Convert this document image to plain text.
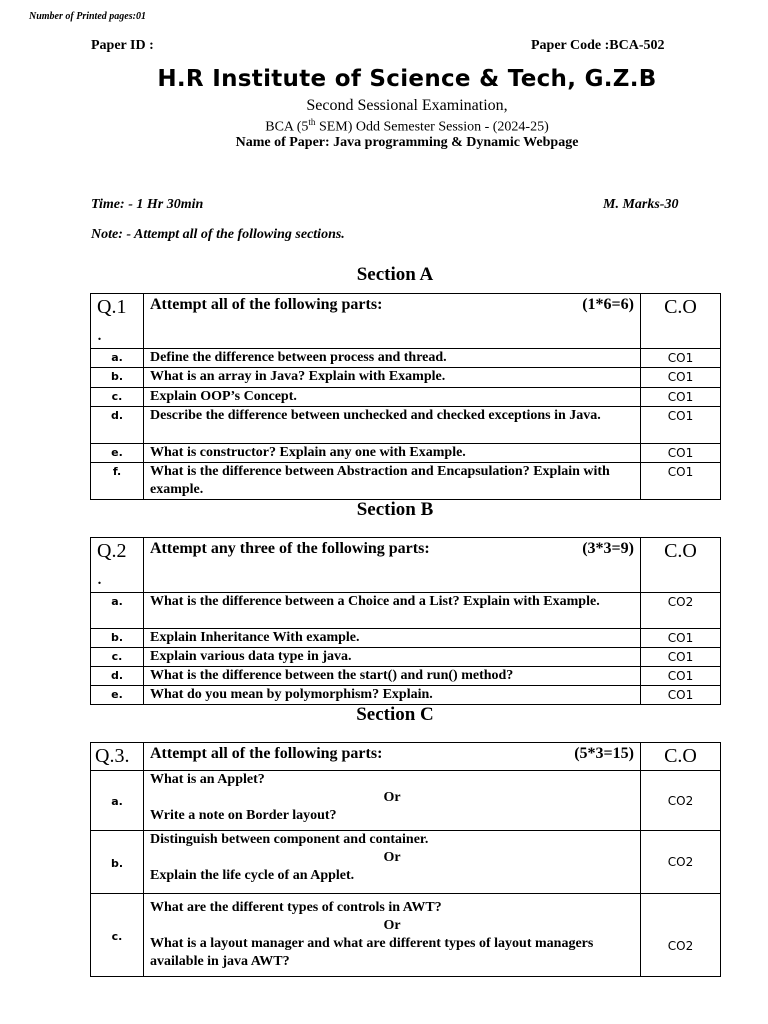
Number of Printed pages:01
Paper ID :	Paper Code :BCA-502
H.R Institute of Science & Tech, G.Z.B
Second Sessional Examination,
BCA (5th SEM) Odd Semester Session - (2024-25)
Name of Paper: Java programming & Dynamic Webpage
Time: - 1 Hr 30min	M. Marks-30
Note: - Attempt all of the following sections.
Section A
Q.1
.	Attempt all of the following parts: (1*6=6)	C.O
a.	Define the difference between process and thread.	CO1
b.	What is an array in Java? Explain with Example.	CO1
c.	Explain OOP’s Concept.	CO1
d.	Describe the difference between unchecked and checked exceptions in Java.	CO1
e.	What is constructor? Explain any one with Example.	CO1
f.	What is the difference between Abstraction and Encapsulation? Explain with example.	CO1
Section B
Q.2
.	Attempt any three of the following parts: (3*3=9)	C.O
a.	What is the difference between a Choice and a List? Explain with Example.	CO2
b.	Explain Inheritance With example.	CO1
c.	Explain various data type in java.	CO1
d.	What is the difference between the start() and run() method?	CO1
e.	What do you mean by polymorphism? Explain.	CO1
Section C
Q.3.	Attempt all of the following parts: (5*3=15)	C.O
a.	What is an Applet?
Or
Write a note on Border layout?	CO2
b.	Distinguish between component and container.
Or
Explain the life cycle of an Applet.	CO2
c.	What are the different types of controls in AWT?
Or
What is a layout manager and what are different types of layout managers available in java AWT?	CO2
